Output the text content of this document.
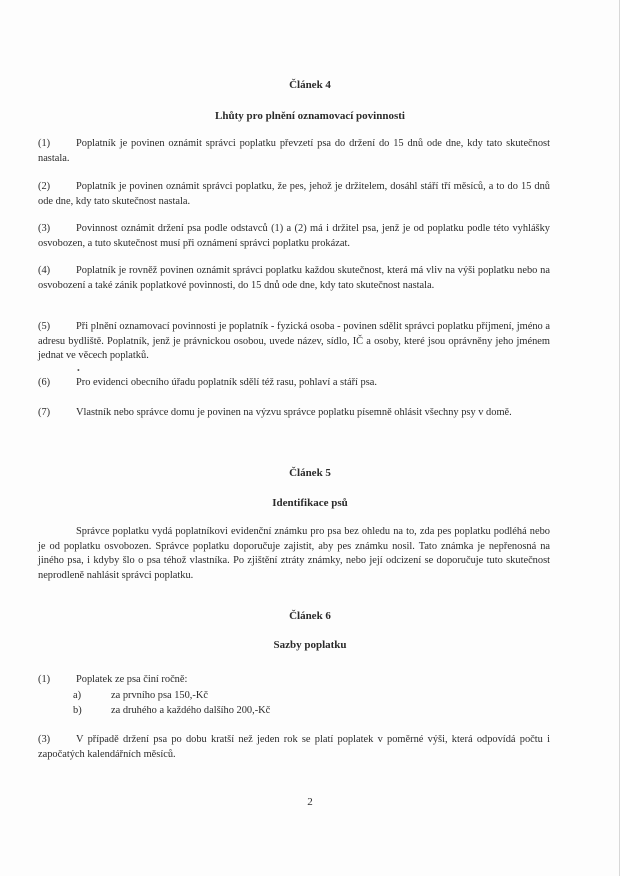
Článek 4

Lhůty pro plnění oznamovací povinnosti

(1) Poplatník je povinen oznámit správci poplatku převzetí psa do držení do 15 dnů ode dne, kdy tato skutečnost nastala.

(2) Poplatník je povinen oznámit správci poplatku, že pes, jehož je držitelem, dosáhl stáří tří měsíců, a to do 15 dnů ode dne, kdy tato skutečnost nastala.

(3) Povinnost oznámit držení psa podle odstavců (1) a (2) má i držitel psa, jenž je od poplatku podle této vyhlášky osvobozen, a tuto skutečnost musí při oznámení správci poplatku prokázat.

(4) Poplatník je rovněž povinen oznámit správci poplatku každou skutečnost, která má vliv na výši poplatku nebo na osvobození a také zánik poplatkové povinnosti, do 15 dnů ode dne, kdy tato skutečnost nastala.

(5) Při plnění oznamovací povinnosti je poplatník - fyzická osoba - povinen sdělit správci poplatku příjmení, jméno a adresu bydliště. Poplatník, jenž je právnickou osobou, uvede název, sídlo, IČ a osoby, které jsou oprávněny jeho jménem jednat ve věcech poplatků.

•

(6) Pro evidenci obecního úřadu poplatník sdělí též rasu, pohlaví a stáří psa.

(7) Vlastník nebo správce domu je povinen na výzvu správce poplatku písemně ohlásit všechny psy v domě.

Článek 5

Identifikace psů

Správce poplatku vydá poplatníkovi evidenční známku pro psa bez ohledu na to, zda pes poplatku podléhá nebo je od poplatku osvobozen. Správce poplatku doporučuje zajistit, aby pes známku nosil. Tato známka je nepřenosná na jiného psa, i kdyby šlo o psa téhož vlastníka. Po zjištění ztráty známky, nebo její odcizení se doporučuje tuto skutečnost neprodleně nahlásit správci poplatku.

Článek 6

Sazby poplatku

(1) Poplatek ze psa činí ročně:

a)	za prvního psa 150,-Kč
b)	za druhého a každého dalšího 200,-Kč

(3) V případě držení psa po dobu kratší než jeden rok se platí poplatek v poměrné výši, která odpovídá počtu i započatých kalendářních měsíců.

2
